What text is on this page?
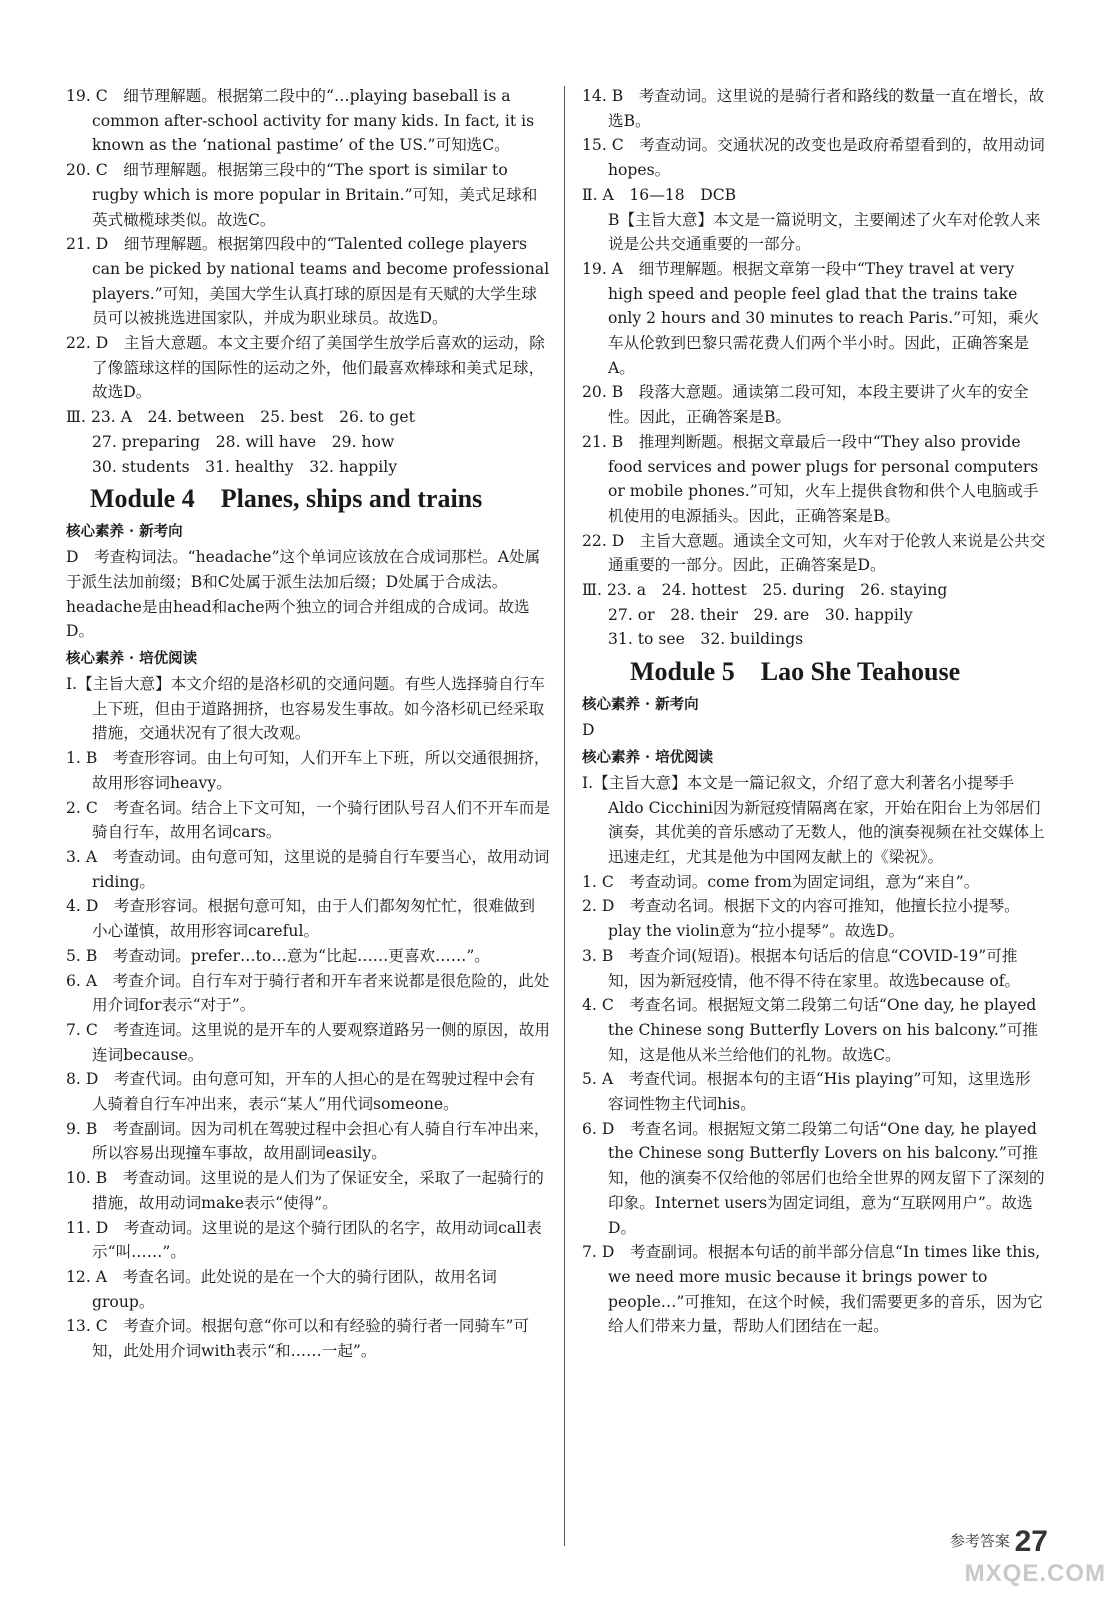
19. C　细节理解题。根据第二段中的“…playing baseball is a common after-school activity for many kids. In fact, it is known as the ‘national pastime’ of the US.”可知选C。

20. C　细节理解题。根据第三段中的“The sport is similar to rugby which is more popular in Britain.”可知，美式足球和英式橄榄球类似。故选C。

21. D　细节理解题。根据第四段中的“Talented college players can be picked by national teams and become professional players.”可知，美国大学生认真打球的原因是有天赋的大学生球员可以被挑选进国家队，并成为职业球员。故选D。

22. D　主旨大意题。本文主要介绍了美国学生放学后喜欢的运动，除了像篮球这样的国际性的运动之外，他们最喜欢棒球和美式足球，故选D。

Ⅲ. 23. A　24. between　25. best　26. to get

27. preparing　28. will have　29. how

30. students　31. healthy　32. happily

Module 4　Planes, ships and trains

核心素养 · 新考向

D　考查构词法。“headache”这个单词应该放在合成词那栏。A处属于派生法加前缀；B和C处属于派生法加后缀；D处属于合成法。headache是由head和ache两个独立的词合并组成的合成词。故选D。

核心素养 · 培优阅读

Ⅰ.【主旨大意】本文介绍的是洛杉矶的交通问题。有些人选择骑自行车上下班，但由于道路拥挤，也容易发生事故。如今洛杉矶已经采取措施，交通状况有了很大改观。

1. B　考查形容词。由上句可知，人们开车上下班，所以交通很拥挤，故用形容词heavy。

2. C　考查名词。结合上下文可知，一个骑行团队号召人们不开车而是骑自行车，故用名词cars。

3. A　考查动词。由句意可知，这里说的是骑自行车要当心，故用动词riding。

4. D　考查形容词。根据句意可知，由于人们都匆匆忙忙，很难做到小心谨慎，故用形容词careful。

5. B　考查动词。prefer…to…意为“比起……更喜欢……”。

6. A　考查介词。自行车对于骑行者和开车者来说都是很危险的，此处用介词for表示“对于”。

7. C　考查连词。这里说的是开车的人要观察道路另一侧的原因，故用连词because。

8. D　考查代词。由句意可知，开车的人担心的是在驾驶过程中会有人骑着自行车冲出来，表示“某人”用代词someone。

9. B　考查副词。因为司机在驾驶过程中会担心有人骑自行车冲出来，所以容易出现撞车事故，故用副词easily。

10. B　考查动词。这里说的是人们为了保证安全，采取了一起骑行的措施，故用动词make表示“使得”。

11. D　考查动词。这里说的是这个骑行团队的名字，故用动词call表示“叫……”。

12. A　考查名词。此处说的是在一个大的骑行团队，故用名词group。

13. C　考查介词。根据句意“你可以和有经验的骑行者一同骑车”可知，此处用介词with表示“和……一起”。

14. B　考查动词。这里说的是骑行者和路线的数量一直在增长，故选B。

15. C　考查动词。交通状况的改变也是政府希望看到的，故用动词hopes。

Ⅱ. A　16—18　DCB

B【主旨大意】本文是一篇说明文，主要阐述了火车对伦敦人来说是公共交通重要的一部分。

19. A　细节理解题。根据文章第一段中“They travel at very high speed and people feel glad that the trains take only 2 hours and 30 minutes to reach Paris.”可知，乘火车从伦敦到巴黎只需花费人们两个半小时。因此，正确答案是A。

20. B　段落大意题。通读第二段可知，本段主要讲了火车的安全性。因此，正确答案是B。

21. B　推理判断题。根据文章最后一段中“They also provide food services and power plugs for personal computers or mobile phones.”可知，火车上提供食物和供个人电脑或手机使用的电源插头。因此，正确答案是B。

22. D　主旨大意题。通读全文可知，火车对于伦敦人来说是公共交通重要的一部分。因此，正确答案是D。

Ⅲ. 23. a　24. hottest　25. during　26. staying

27. or　28. their　29. are　30. happily

31. to see　32. buildings

Module 5　Lao She Teahouse

核心素养 · 新考向

D

核心素养 · 培优阅读

Ⅰ.【主旨大意】本文是一篇记叙文，介绍了意大利著名小提琴手Aldo Cicchini因为新冠疫情隔离在家，开始在阳台上为邻居们演奏，其优美的音乐感动了无数人，他的演奏视频在社交媒体上迅速走红，尤其是他为中国网友献上的《梁祝》。

1. C　考查动词。come from为固定词组，意为“来自”。

2. D　考查动名词。根据下文的内容可推知，他擅长拉小提琴。play the violin意为“拉小提琴”。故选D。

3. B　考查介词(短语)。根据本句话后的信息“COVID-19”可推知，因为新冠疫情，他不得不待在家里。故选because of。

4. C　考查名词。根据短文第二段第二句话“One day, he played the Chinese song Butterfly Lovers on his balcony.”可推知，这是他从米兰给他们的礼物。故选C。

5. A　考查代词。根据本句的主语“His playing”可知，这里选形容词性物主代词his。

6. D　考查名词。根据短文第二段第二句话“One day, he played the Chinese song Butterfly Lovers on his balcony.”可推知，他的演奏不仅给他的邻居们也给全世界的网友留下了深刻的印象。Internet users为固定词组，意为“互联网用户”。故选D。

7. D　考查副词。根据本句话的前半部分信息“In times like this, we need more music because it brings power to people…”可推知，在这个时候，我们需要更多的音乐，因为它给人们带来力量，帮助人们团结在一起。

参考答案 27
MXQE.COM
